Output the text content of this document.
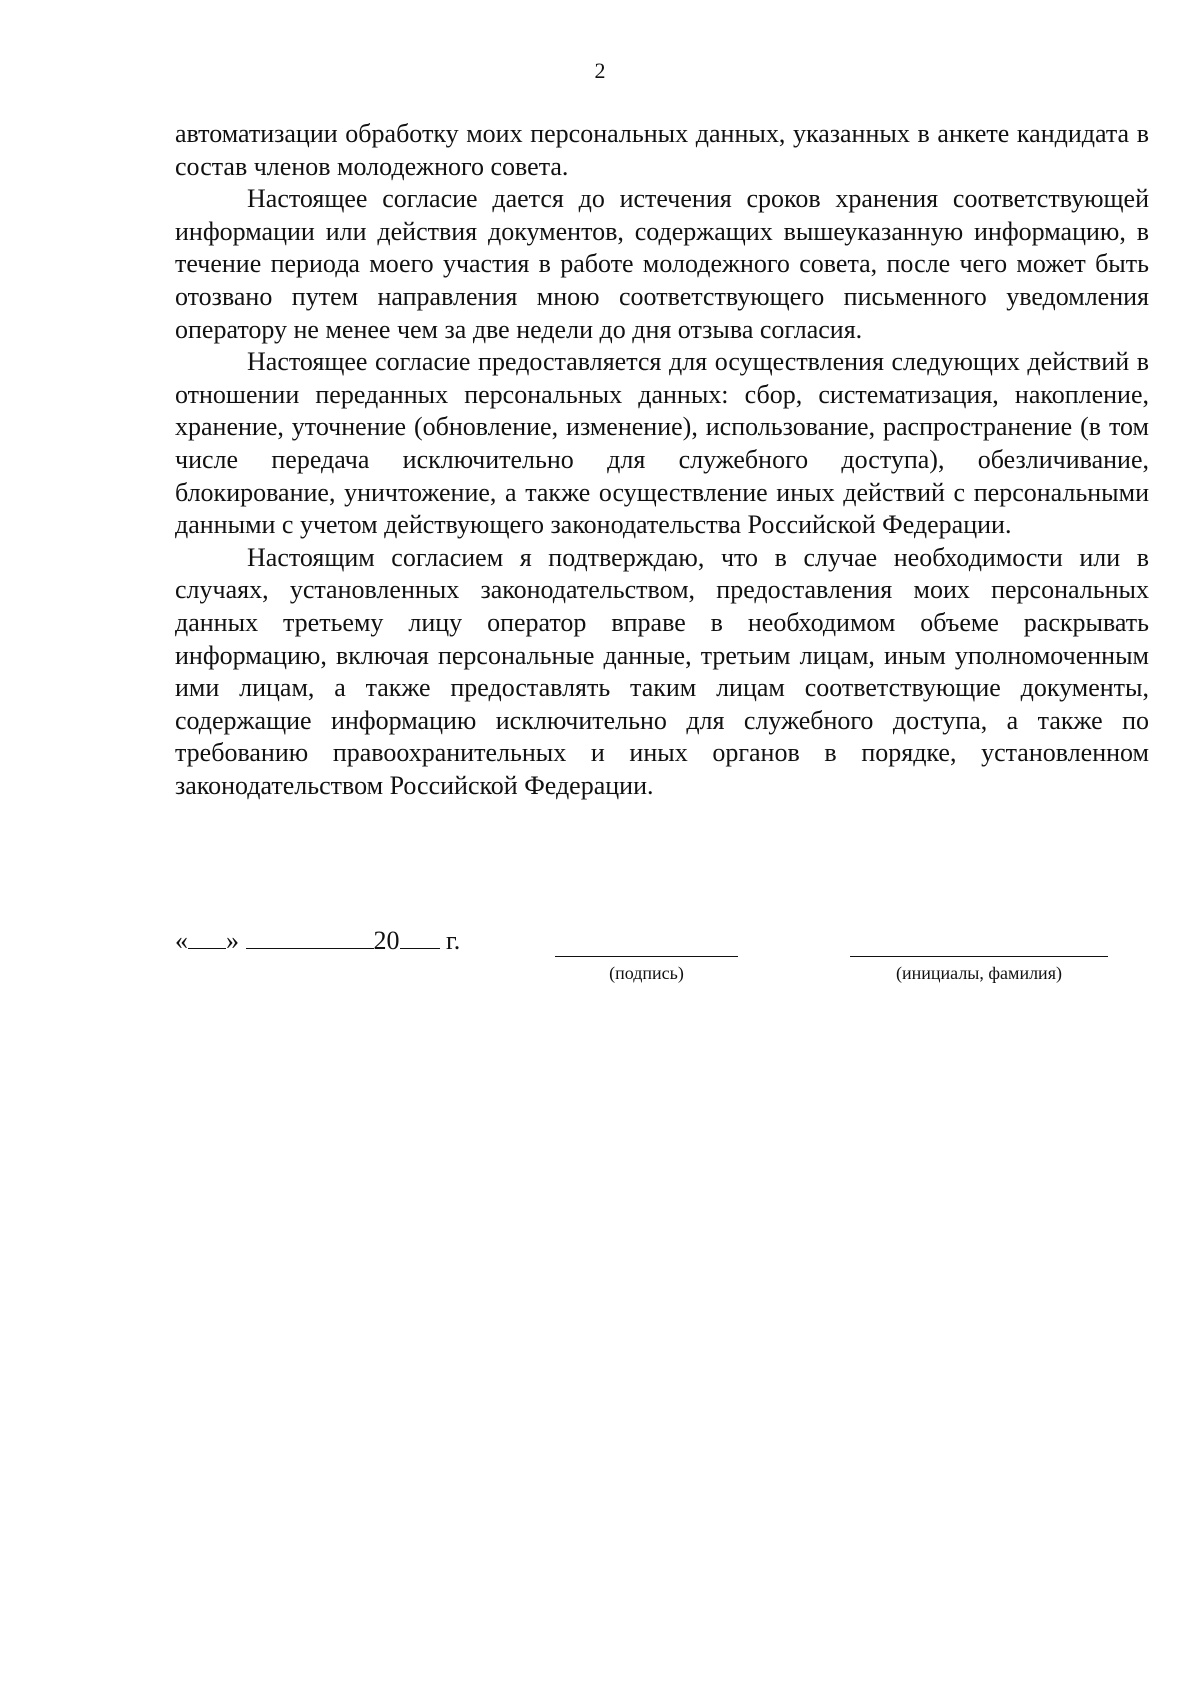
2

автоматизации обработку моих персональных данных, указанных в анкете кандидата в состав членов молодежного совета.

Настоящее согласие дается до истечения сроков хранения соответствующей информации или действия документов, содержащих вышеуказанную информацию, в течение периода моего участия в работе молодежного совета, после чего может быть отозвано путем направления мною соответствующего письменного уведомления оператору не менее чем за две недели до дня отзыва согласия.

Настоящее согласие предоставляется для осуществления следующих действий в отношении переданных персональных данных: сбор, систематизация, накопление, хранение, уточнение (обновление, изменение), использование, распространение (в том числе передача исключительно для служебного доступа), обезличивание, блокирование, уничтожение, а также осуществление иных действий с персональными данными с учетом действующего законодательства Российской Федерации.

Настоящим согласием я подтверждаю, что в случае необходимости или в случаях, установленных законодательством, предоставления моих персональных данных третьему лицу оператор вправе в необходимом объеме раскрывать информацию, включая персональные данные, третьим лицам, иным уполномоченным ими лицам, а также предоставлять таким лицам соответствующие документы, содержащие информацию исключительно для служебного доступа, а также по требованию правоохранительных и иных органов в порядке, установленном законодательством Российской Федерации.

« »	20 г.
(подпись)	(инициалы, фамилия)
